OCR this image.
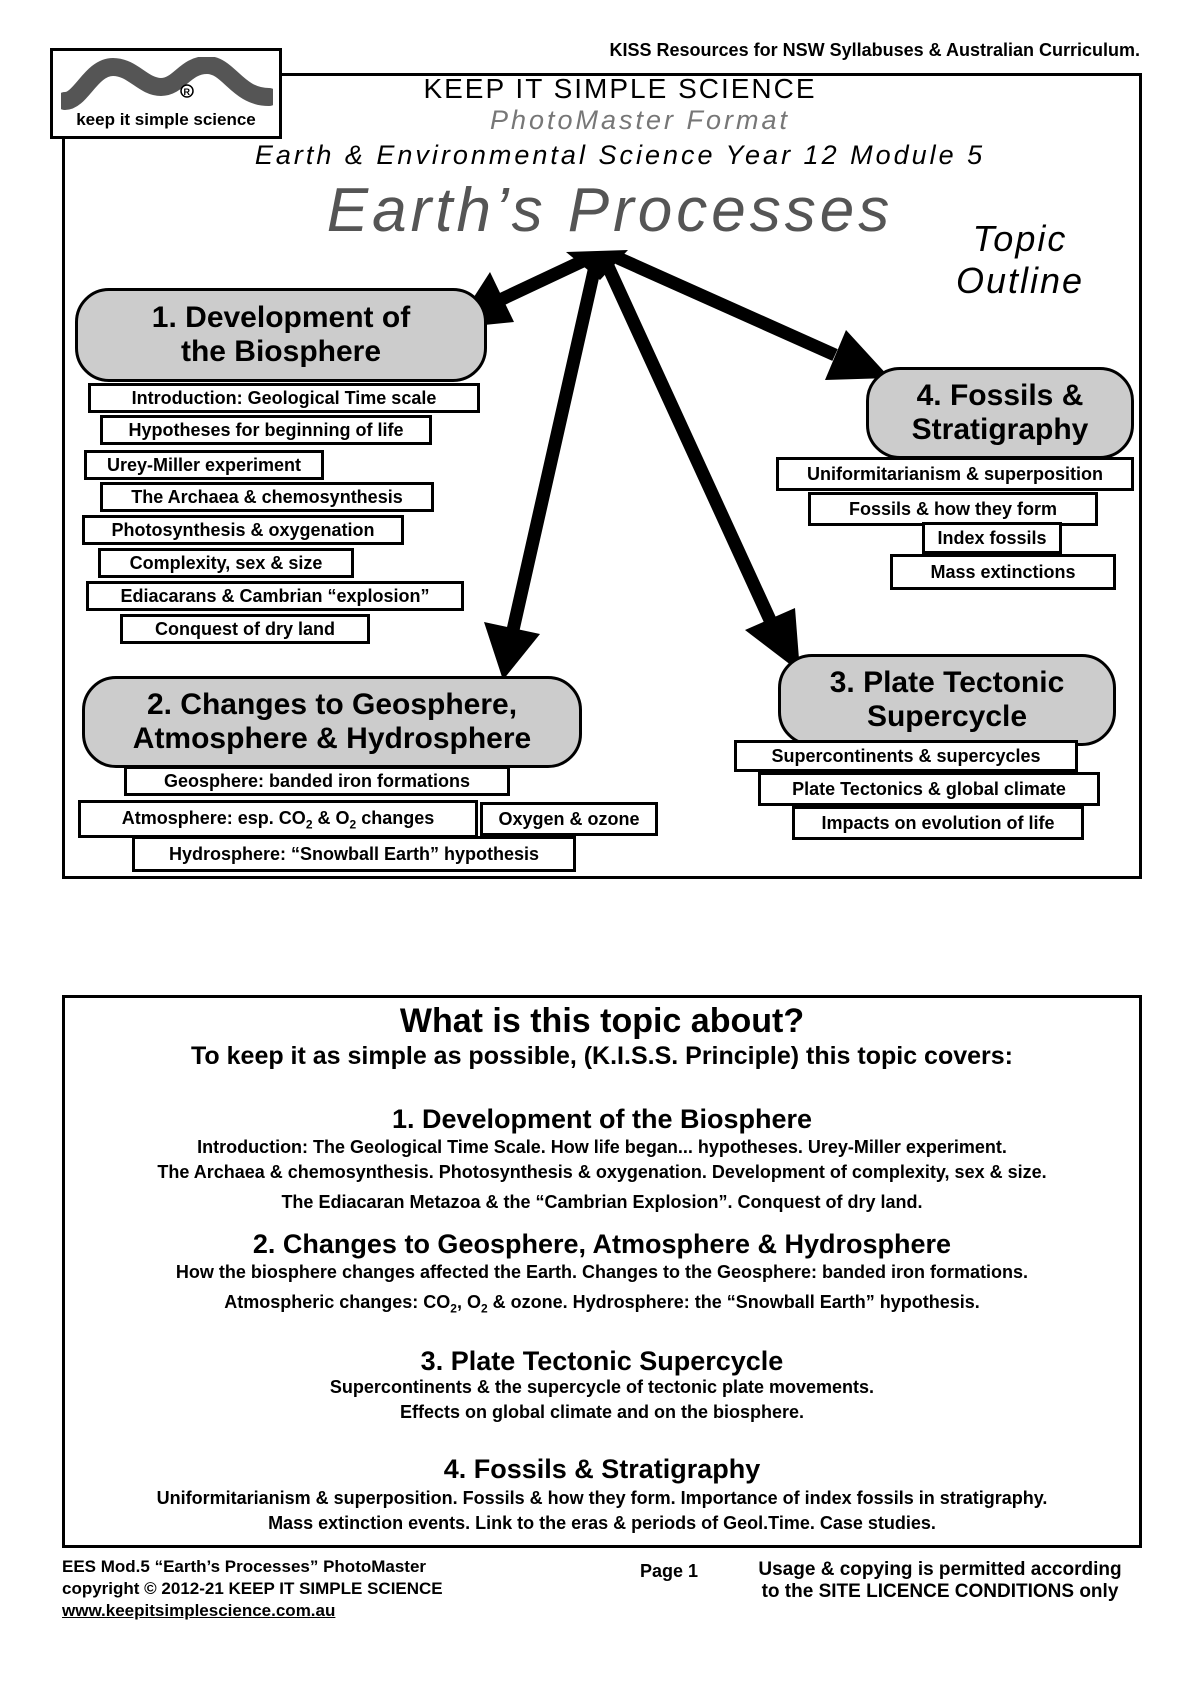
KISS Resources for NSW Syllabuses & Australian Curriculum.
R
keep it simple science
KEEP IT SIMPLE SCIENCE
PhotoMaster Format
Earth & Environmental Science Year 12 Module 5
Earth’s Processes	Topic
Outline
1. Development of
the Biosphere
Introduction: Geological Time scale
Hypotheses for beginning of life
Urey-Miller experiment
The Archaea & chemosynthesis
Photosynthesis & oxygenation
Complexity, sex & size
Ediacarans & Cambrian “explosion”
Conquest of dry land
2. Changes to Geosphere,
Atmosphere & Hydrosphere
Geosphere: banded iron formations
Atmosphere: esp. $CO_2$ & $O_2$ changes	Oxygen & ozone
Hydrosphere: “Snowball Earth” hypothesis
3. Plate Tectonic
Supercycle
Supercontinents & supercycles
Plate Tectonics & global climate
Impacts on evolution of life
4. Fossils &
Stratigraphy
Uniformitarianism & superposition
Fossils & how they form
Index fossils
Mass extinctions
What is this topic about?
To keep it as simple as possible, (K.I.S.S. Principle) this topic covers:
1. Development of the Biosphere
Introduction: The Geological Time Scale. How life began... hypotheses. Urey-Miller experiment.
The Archaea & chemosynthesis. Photosynthesis & oxygenation. Development of complexity, sex & size.
The Ediacaran Metazoa & the “Cambrian Explosion”. Conquest of dry land.
2. Changes to Geosphere, Atmosphere & Hydrosphere
How the biosphere changes affected the Earth. Changes to the Geosphere: banded iron formations.
Atmospheric changes: $CO_2$, $O_2$ & ozone. Hydrosphere: the “Snowball Earth” hypothesis.
3. Plate Tectonic Supercycle
Supercontinents & the supercycle of tectonic plate movements.
Effects on global climate and on the biosphere.
4. Fossils & Stratigraphy
Uniformitarianism & superposition. Fossils & how they form. Importance of index fossils in stratigraphy.
Mass extinction events. Link to the eras & periods of Geol.Time. Case studies.
EES Mod.5 “Earth’s Processes” PhotoMaster
copyright © 2012-21 KEEP IT SIMPLE SCIENCE
www.keepitsimplescience.com.au
Page 1	Usage & copying is permitted according
to the SITE LICENCE CONDITIONS only
